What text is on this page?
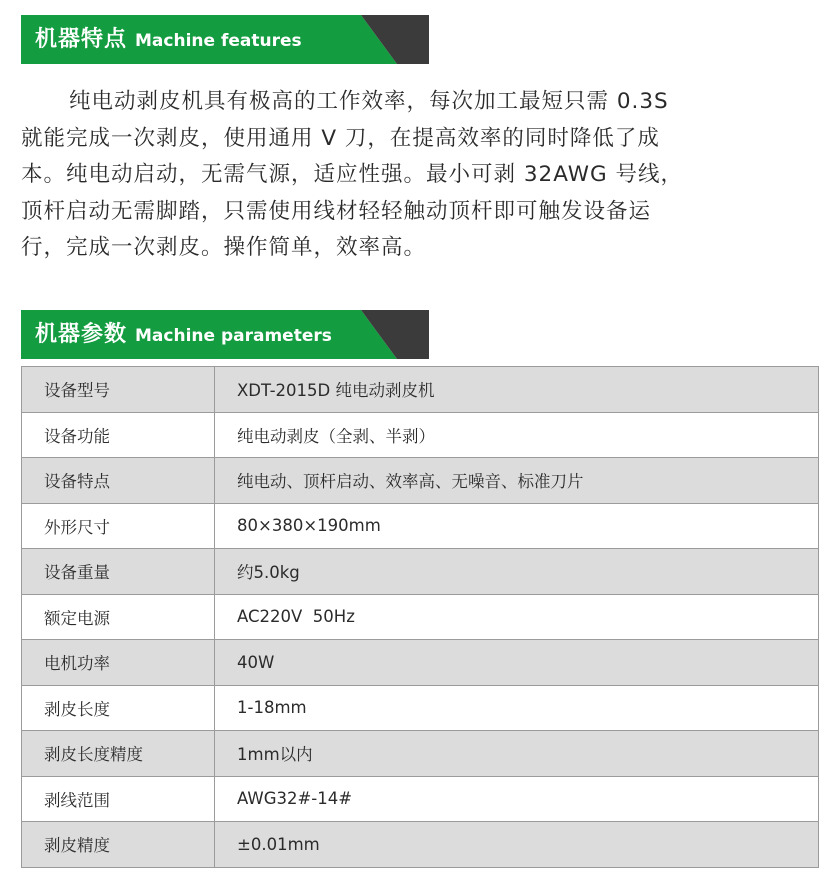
机器特点 Machine features
纯电动剥皮机具有极高的工作效率，每次加工最短只需 0.3S
就能完成一次剥皮，使用通用 V 刀，在提高效率的同时降低了成
本。纯电动启动，无需气源，适应性强。最小可剥 32AWG 号线，
顶杆启动无需脚踏，只需使用线材轻轻触动顶杆即可触发设备运
行，完成一次剥皮。操作简单，效率高。
机器参数 Machine parameters
设备型号	XDT-2015D 纯电动剥皮机
设备功能	纯电动剥皮（全剥、半剥）
设备特点	纯电动、顶杆启动、效率高、无噪音、标准刀片
外形尺寸	80×380×190mm
设备重量	约5.0kg
额定电源	AC220V  50Hz
电机功率	40W
剥皮长度	1-18mm
剥皮长度精度	1mm以内
剥线范围	AWG32#-14#
剥皮精度	±0.01mm
